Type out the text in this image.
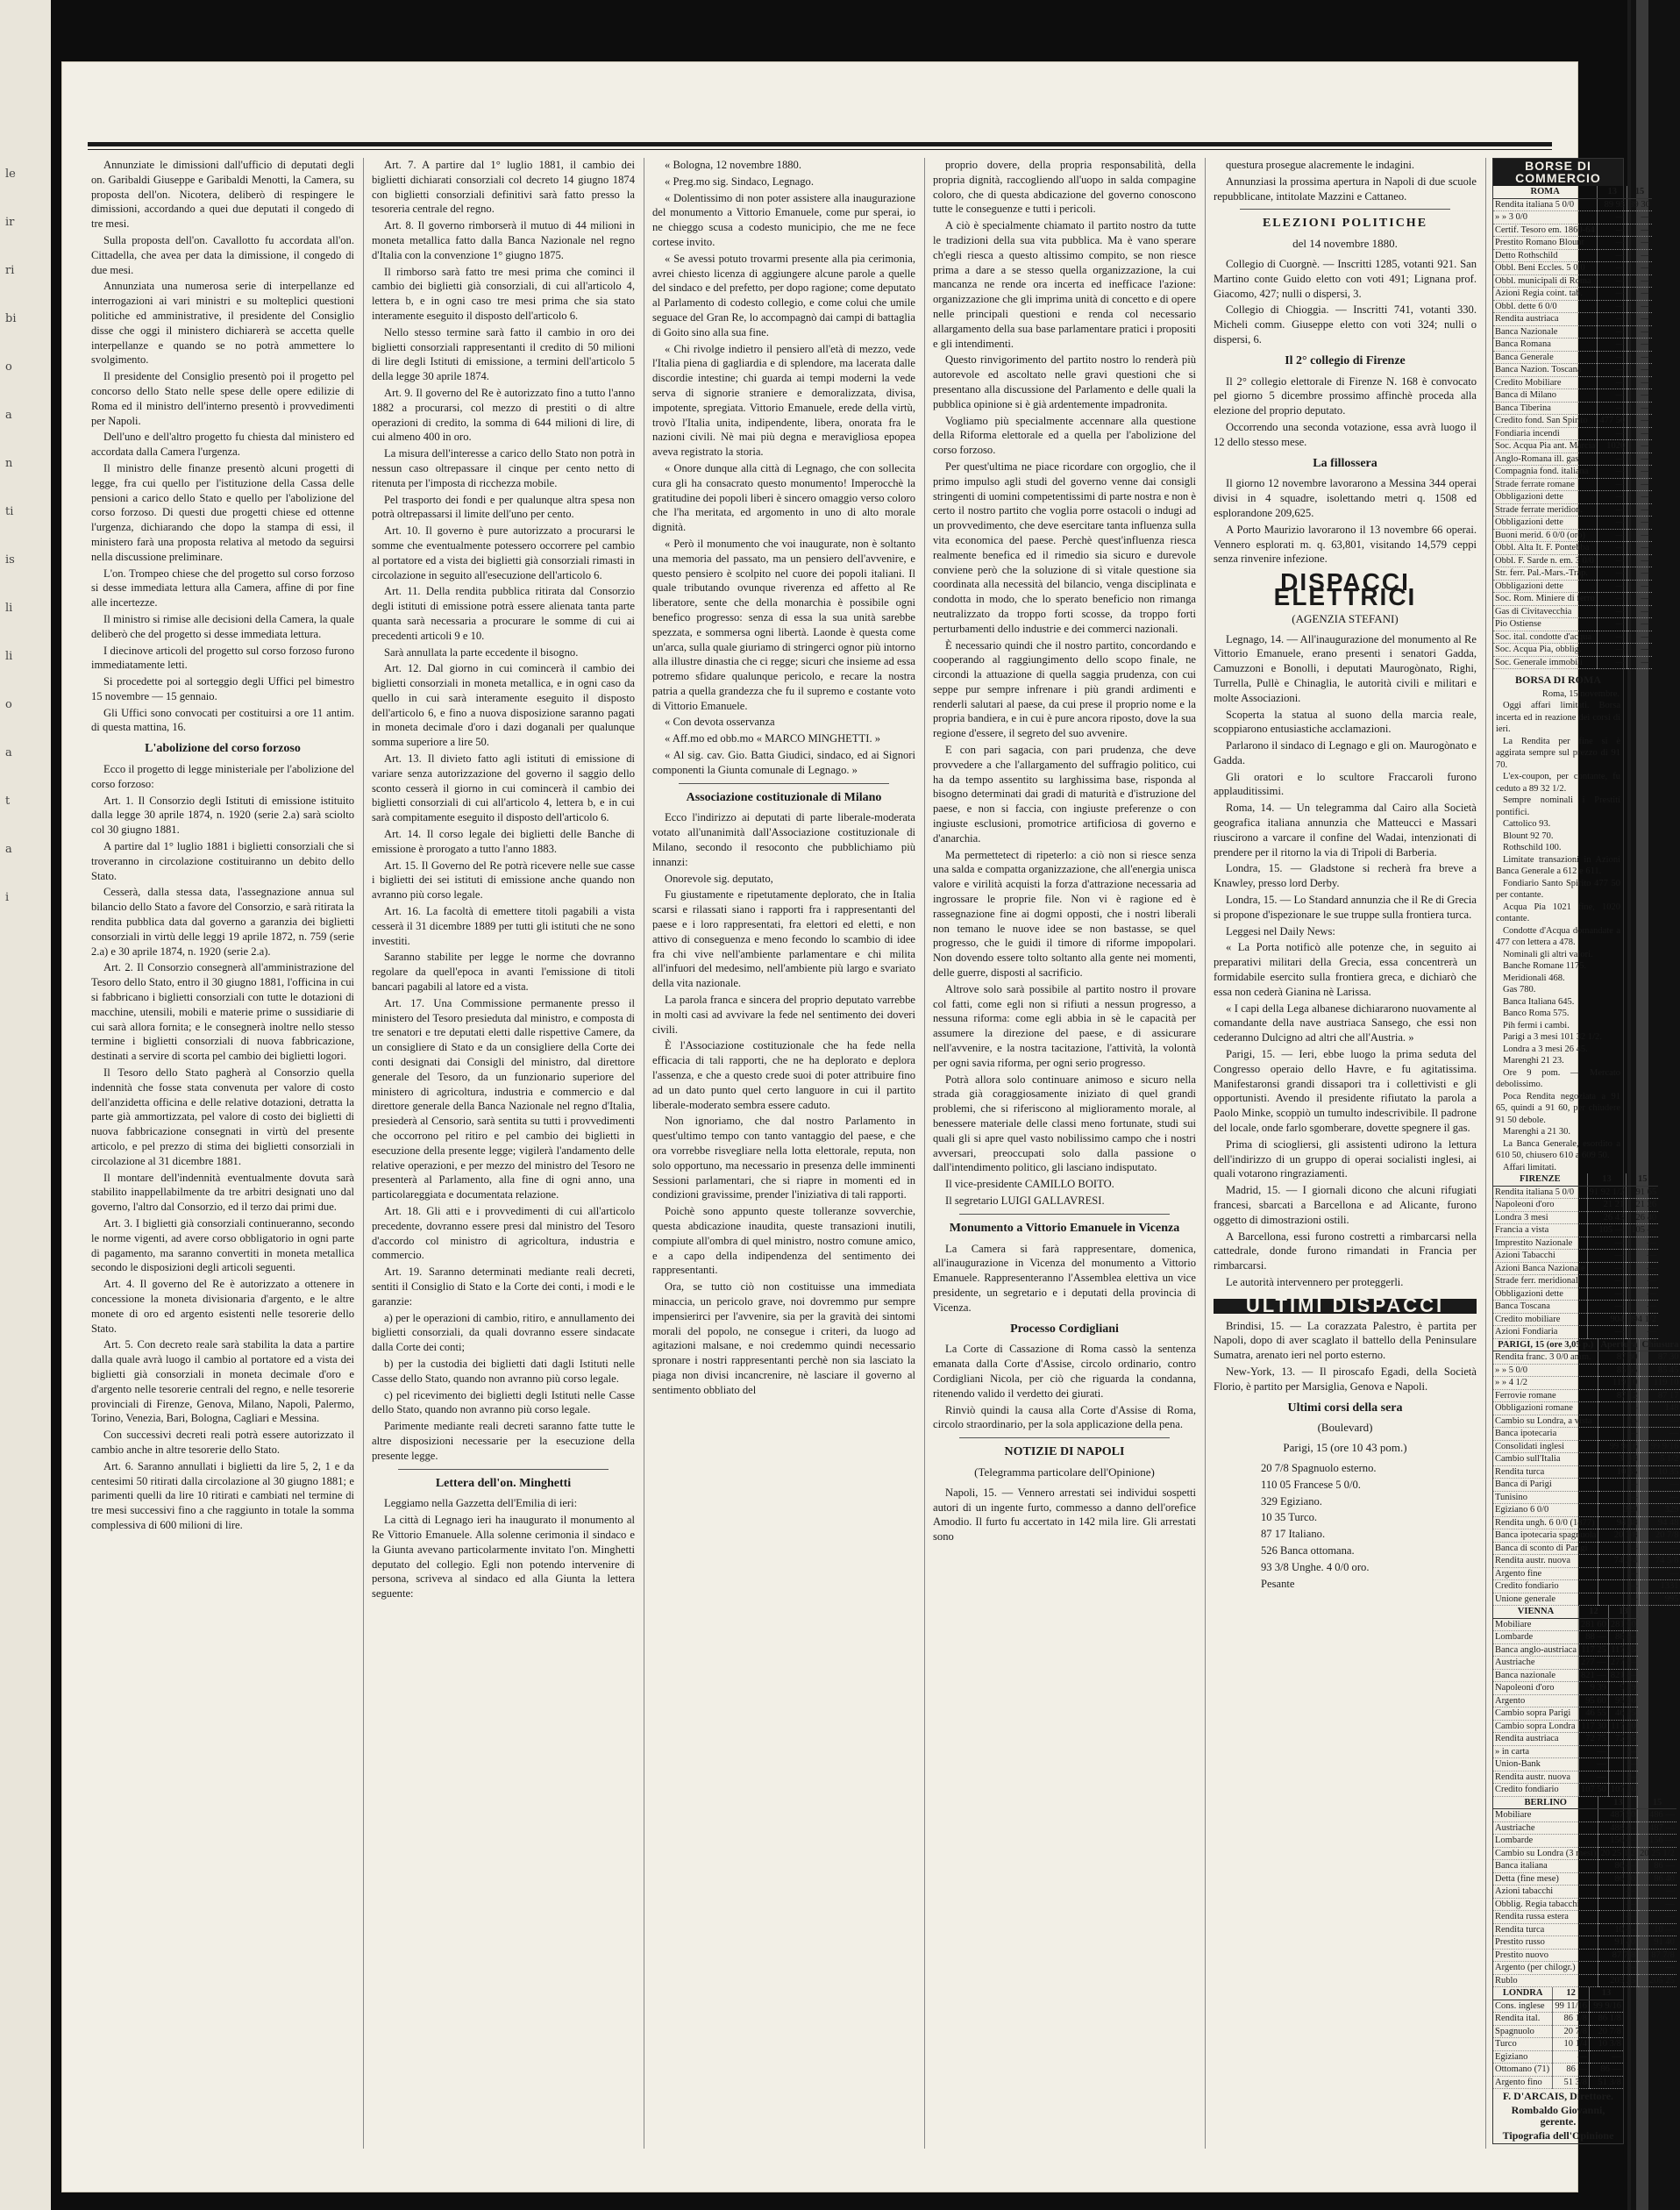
le
ir
ri
bi
o
a
n
ti
is
li
li
o
a
t
a
i

Annunziate le dimissioni dall'ufficio di deputati degli on. Garibaldi Giuseppe e Garibaldi Menotti, la Camera, su proposta dell'on. Nicotera, deliberò di respingere le dimissioni, accordando a quei due deputati il congedo di tre mesi.

Sulla proposta dell'on. Cavallotto fu accordata all'on. Cittadella, che avea per data la dimissione, il congedo di due mesi.

Annunziata una numerosa serie di interpellanze ed interrogazioni ai vari ministri e su molteplici questioni politiche ed amministrative, il presidente del Consiglio disse che oggi il ministero dichiarerà se accetta quelle interpellanze e quando se no potrà ammettere lo svolgimento.

Il presidente del Consiglio presentò poi il progetto pel concorso dello Stato nelle spese delle opere edilizie di Roma ed il ministro dell'interno presentò i provvedimenti per Napoli.

Dell'uno e dell'altro progetto fu chiesta dal ministero ed accordata dalla Camera l'urgenza.

Il ministro delle finanze presentò alcuni progetti di legge, fra cui quello per l'istituzione della Cassa delle pensioni a carico dello Stato e quello per l'abolizione del corso forzoso. Di questi due progetti chiese ed ottenne l'urgenza, dichiarando che dopo la stampa di essi, il ministero farà una proposta relativa al metodo da seguirsi nella discussione preliminare.

L'on. Trompeo chiese che del progetto sul corso forzoso si desse immediata lettura alla Camera, affine di por fine alle incertezze.

Il ministro si rimise alle decisioni della Camera, la quale deliberò che del progetto si desse immediata lettura.

I diecinove articoli del progetto sul corso forzoso furono immediatamente letti.

Si procedette poi al sorteggio degli Uffici pel bimestro 15 novembre — 15 gennaio.

Gli Uffici sono convocati per costituirsi a ore 11 antim. di questa mattina, 16.

L'abolizione del corso forzoso

Ecco il progetto di legge ministeriale per l'abolizione del corso forzoso:

Art. 1. Il Consorzio degli Istituti di emissione istituito dalla legge 30 aprile 1874, n. 1920 (serie 2.a) sarà sciolto col 30 giugno 1881.

A partire dal 1° luglio 1881 i biglietti consorziali che si troveranno in circolazione costituiranno un debito dello Stato.

Cesserà, dalla stessa data, l'assegnazione annua sul bilancio dello Stato a favore del Consorzio, e sarà ritirata la rendita pubblica data dal governo a garanzia dei biglietti consorziali in virtù delle leggi 19 aprile 1872, n. 759 (serie 2.a) e 30 aprile 1874, n. 1920 (serie 2.a).

Art. 2. Il Consorzio consegnerà all'amministrazione del Tesoro dello Stato, entro il 30 giugno 1881, l'officina in cui si fabbricano i biglietti consorziali con tutte le dotazioni di macchine, utensili, mobili e materie prime o sussidiarie di cui sarà allora fornita; e le consegnerà inoltre nello stesso termine i biglietti consorziali di nuova fabbricazione, destinati a servire di scorta pel cambio dei biglietti logori.

Il Tesoro dello Stato pagherà al Consorzio quella indennità che fosse stata convenuta per valore di costo dell'anzidetta officina e delle relative dotazioni, detratta la parte già ammortizzata, pel valore di costo dei biglietti di nuova fabbricazione consegnati in virtù del presente articolo, e pel prezzo di stima dei biglietti consorziali in circolazione al 31 dicembre 1881.

Il montare dell'indennità eventualmente dovuta sarà stabilito inappellabilmente da tre arbitri designati uno dal governo, l'altro dal Consorzio, ed il terzo dai primi due.

Art. 3. I biglietti già consorziali continueranno, secondo le norme vigenti, ad avere corso obbligatorio in ogni parte di pagamento, ma saranno convertiti in moneta metallica secondo le disposizioni degli articoli seguenti.

Art. 4. Il governo del Re è autorizzato a ottenere in concessione la moneta divisionaria d'argento, e le altre monete di oro ed argento esistenti nelle tesorerie dello Stato.

Art. 5. Con decreto reale sarà stabilita la data a partire dalla quale avrà luogo il cambio al portatore ed a vista dei biglietti già consorziali in moneta decimale d'oro e d'argento nelle tesorerie centrali del regno, e nelle tesorerie provinciali di Firenze, Genova, Milano, Napoli, Palermo, Torino, Venezia, Bari, Bologna, Cagliari e Messina.

Con successivi decreti reali potrà essere autorizzato il cambio anche in altre tesorerie dello Stato.

Art. 6. Saranno annullati i biglietti da lire 5, 2, 1 e da centesimi 50 ritirati dalla circolazione al 30 giugno 1881; e parimenti quelli da lire 10 ritirati e cambiati nel termine di tre mesi successivi fino a che raggiunto in totale la somma complessiva di 600 milioni di lire.

Art. 7. A partire dal 1° luglio 1881, il cambio dei biglietti dichiarati consorziali col decreto 14 giugno 1874 con biglietti consorziali definitivi sarà fatto presso la tesoreria centrale del regno.

Art. 8. Il governo rimborserà il mutuo di 44 milioni in moneta metallica fatto dalla Banca Nazionale nel regno d'Italia con la convenzione 1° giugno 1875.

Il rimborso sarà fatto tre mesi prima che cominci il cambio dei biglietti già consorziali, di cui all'articolo 4, lettera b, e in ogni caso tre mesi prima che sia stato interamente eseguito il disposto dell'articolo 6.

Nello stesso termine sarà fatto il cambio in oro dei biglietti consorziali rappresentanti il credito di 50 milioni di lire degli Istituti di emissione, a termini dell'articolo 5 della legge 30 aprile 1874.

Art. 9. Il governo del Re è autorizzato fino a tutto l'anno 1882 a procurarsi, col mezzo di prestiti o di altre operazioni di credito, la somma di 644 milioni di lire, di cui almeno 400 in oro.

La misura dell'interesse a carico dello Stato non potrà in nessun caso oltrepassare il cinque per cento netto di ritenuta per l'imposta di ricchezza mobile.

Pel trasporto dei fondi e per qualunque altra spesa non potrà oltrepassarsi il limite dell'uno per cento.

Art. 10. Il governo è pure autorizzato a procurarsi le somme che eventualmente potessero occorrere pel cambio al portatore ed a vista dei biglietti già consorziali rimasti in circolazione in seguito all'esecuzione dell'articolo 6.

Art. 11. Della rendita pubblica ritirata dal Consorzio degli istituti di emissione potrà essere alienata tanta parte quanta sarà necessaria a procurare le somme di cui ai precedenti articoli 9 e 10.

Sarà annullata la parte eccedente il bisogno.

Art. 12. Dal giorno in cui comincerà il cambio dei biglietti consorziali in moneta metallica, e in ogni caso da quello in cui sarà interamente eseguito il disposto dell'articolo 6, e fino a nuova disposizione saranno pagati in moneta decimale d'oro i dazi doganali per qualunque somma superiore a lire 50.

Art. 13. Il divieto fatto agli istituti di emissione di variare senza autorizzazione del governo il saggio dello sconto cesserà il giorno in cui comincerà il cambio dei biglietti consorziali di cui all'articolo 4, lettera b, e in cui sarà compitamente eseguito il disposto dell'articolo 6.

Art. 14. Il corso legale dei biglietti delle Banche di emissione è prorogato a tutto l'anno 1883.

Art. 15. Il Governo del Re potrà ricevere nelle sue casse i biglietti dei sei istituti di emissione anche quando non avranno più corso legale.

Art. 16. La facoltà di emettere titoli pagabili a vista cesserà il 31 dicembre 1889 per tutti gli istituti che ne sono investiti.

Saranno stabilite per legge le norme che dovranno regolare da quell'epoca in avanti l'emissione di titoli bancari pagabili al latore ed a vista.

Art. 17. Una Commissione permanente presso il ministero del Tesoro presieduta dal ministro, e composta di tre senatori e tre deputati eletti dalle rispettive Camere, da un consigliere di Stato e da un consigliere della Corte dei conti designati dai Consigli del ministro, dal direttore generale del Tesoro, da un funzionario superiore del ministero di agricoltura, industria e commercio e dal direttore generale della Banca Nazionale nel regno d'Italia, presiederà al Censorio, sarà sentita su tutti i provvedimenti che occorrono pel ritiro e pel cambio dei biglietti in esecuzione della presente legge; vigilerà l'andamento delle relative operazioni, e per mezzo del ministro del Tesoro ne presenterà al Parlamento, alla fine di ogni anno, una particolareggiata e documentata relazione.

Art. 18. Gli atti e i provvedimenti di cui all'articolo precedente, dovranno essere presi dal ministro del Tesoro d'accordo col ministro di agricoltura, industria e commercio.

Art. 19. Saranno determinati mediante reali decreti, sentiti il Consiglio di Stato e la Corte dei conti, i modi e le garanzie:

a) per le operazioni di cambio, ritiro, e annullamento dei biglietti consorziali, da quali dovranno essere sindacate dalla Corte dei conti;

b) per la custodia dei biglietti dati dagli Istituti nelle Casse dello Stato, quando non avranno più corso legale.

c) pel ricevimento dei biglietti degli Istituti nelle Casse dello Stato, quando non avranno più corso legale.

Parimente mediante reali decreti saranno fatte tutte le altre disposizioni necessarie per la esecuzione della presente legge.

Lettera dell'on. Minghetti

Leggiamo nella Gazzetta dell'Emilia di ieri:

La città di Legnago ieri ha inaugurato il monumento al Re Vittorio Emanuele. Alla solenne cerimonia il sindaco e la Giunta avevano particolarmente invitato l'on. Minghetti deputato del collegio. Egli non potendo intervenire di persona, scriveva al sindaco ed alla Giunta la lettera seguente:

« Bologna, 12 novembre 1880.

« Preg.mo sig. Sindaco, Legnago.

« Dolentissimo di non poter assistere alla inaugurazione del monumento a Vittorio Emanuele, come pur sperai, io ne chieggo scusa a codesto municipio, che me ne fece cortese invito.

« Se avessi potuto trovarmi presente alla pia cerimonia, avrei chiesto licenza di aggiungere alcune parole a quelle del sindaco e del prefetto, per dopo ragione; come deputato al Parlamento di codesto collegio, e come colui che umile seguace del Gran Re, lo accompagnò dai campi di battaglia di Goito sino alla sua fine.

« Chi rivolge indietro il pensiero all'età di mezzo, vede l'Italia piena di gagliardia e di splendore, ma lacerata dalle discordie intestine; chi guarda ai tempi moderni la vede serva di signorie straniere e demoralizzata, divisa, impotente, spregiata. Vittorio Emanuele, erede della virtù, trovò l'Italia unita, indipendente, libera, onorata fra le nazioni civili. Nè mai più degna e meravigliosa epopea aveva registrato la storia.

« Onore dunque alla città di Legnago, che con sollecita cura gli ha consacrato questo monumento! Imperocchè la gratitudine dei popoli liberi è sincero omaggio verso coloro che l'ha meritata, ed argomento in uno di alto morale dignità.

« Però il monumento che voi inaugurate, non è soltanto una memoria del passato, ma un pensiero dell'avvenire, e questo pensiero è scolpito nel cuore dei popoli italiani. Il quale tributando ovunque riverenza ed affetto al Re liberatore, sente che della monarchia è possibile ogni benefico progresso: senza di essa la sua unità sarebbe spezzata, e sommersa ogni libertà. Laonde è questa come un'arca, sulla quale giuriamo di stringerci ognor più intorno alla illustre dinastia che ci regge; sicuri che insieme ad essa potremo sfidare qualunque pericolo, e recare la nostra patria a quella grandezza che fu il supremo e costante voto di Vittorio Emanuele.

« Con devota osservanza

« Aff.mo ed obb.mo « MARCO MINGHETTI. »

« Al sig. cav. Gio. Batta Giudici, sindaco, ed ai Signori componenti la Giunta comunale di Legnago. »

Associazione costituzionale di Milano

Ecco l'indirizzo ai deputati di parte liberale-moderata votato all'unanimità dall'Associazione costituzionale di Milano, secondo il resoconto che pubblichiamo più innanzi:

Onorevole sig. deputato,

Fu giustamente e ripetutamente deplorato, che in Italia scarsi e rilassati siano i rapporti fra i rappresentanti del paese e i loro rappresentati, fra elettori ed eletti, e non attivo di conseguenza e meno fecondo lo scambio di idee fra chi vive nell'ambiente parlamentare e chi milita all'infuori del medesimo, nell'ambiente più largo e svariato della vita nazionale.

La parola franca e sincera del proprio deputato varrebbe in molti casi ad avvivare la fede nel sentimento dei doveri civili.

È l'Associazione costituzionale che ha fede nella efficacia di tali rapporti, che ne ha deplorato e deplora l'assenza, e che a questo crede suoi di poter attribuire fino ad un dato punto quel certo languore in cui il partito liberale-moderato sembra essere caduto.

Non ignoriamo, che dal nostro Parlamento in quest'ultimo tempo con tanto vantaggio del paese, e che ora vorrebbe risvegliare nella lotta elettorale, reputa, non solo opportuno, ma necessario in presenza delle imminenti Sessioni parlamentari, che si riapre in momenti ed in condizioni gravissime, prender l'iniziativa di tali rapporti.

Poichè sono appunto queste tolleranze sovverchie, questa abdicazione inaudita, queste transazioni inutili, compiute all'ombra di quel ministro, nostro comune amico, e a capo della indipendenza del sentimento dei rappresentanti.

Ora, se tutto ciò non costituisse una immediata minaccia, un pericolo grave, noi dovremmo pur sempre impensierirci per l'avvenire, sia per la gravità dei sintomi morali del popolo, ne consegue i criteri, da luogo ad agitazioni malsane, e noi credemmo quindi necessario spronare i nostri rappresentanti perchè non sia lasciato la piaga non divisi incancrenire, nè lasciare il governo al sentimento obbliato del

proprio dovere, della propria responsabilità, della propria dignità, raccogliendo all'uopo in salda compagine coloro, che di questa abdicazione del governo conoscono tutte le conseguenze e tutti i pericoli.

A ciò è specialmente chiamato il partito nostro da tutte le tradizioni della sua vita pubblica. Ma è vano sperare ch'egli riesca a questo altissimo compito, se non riesce prima a dare a se stesso quella organizzazione, la cui mancanza ne rende ora incerta ed inefficace l'azione: organizzazione che gli imprima unità di concetto e di opere nelle principali questioni e renda col necessario allargamento della sua base parlamentare pratici i propositi e gli intendimenti.

Questo rinvigorimento del partito nostro lo renderà più autorevole ed ascoltato nelle gravi questioni che si presentano alla discussione del Parlamento e delle quali la pubblica opinione si è già ardentemente impadronita.

Vogliamo più specialmente accennare alla questione della Riforma elettorale ed a quella per l'abolizione del corso forzoso.

Per quest'ultima ne piace ricordare con orgoglio, che il primo impulso agli studi del governo venne dai consigli stringenti di uomini competentissimi di parte nostra e non è certo il nostro partito che voglia porre ostacoli o indugi ad un provvedimento, che deve esercitare tanta influenza sulla vita economica del paese. Perchè quest'influenza riesca realmente benefica ed il rimedio sia sicuro e durevole conviene però che la soluzione di sì vitale questione sia coordinata alla necessità del bilancio, venga disciplinata e condotta in modo, che lo sperato beneficio non rimanga neutralizzato da troppo forti scosse, da troppo forti perturbamenti dello industrie e dei commerci nazionali.

È necessario quindi che il nostro partito, concordando e cooperando al raggiungimento dello scopo finale, ne circondi la attuazione di quella saggia prudenza, con cui seppe pur sempre infrenare i più grandi ardimenti e renderli salutari al paese, da cui prese il proprio nome e la propria bandiera, e in cui è pure ancora riposto, dove la sua regione d'essere, il segreto del suo avvenire.

E con pari sagacia, con pari prudenza, che deve provvedere a che l'allargamento del suffragio politico, cui ha da tempo assentito su larghissima base, risponda al bisogno determinati dai gradi di maturità e d'istruzione del paese, e non si faccia, con ingiuste preferenze o con ingiuste esclusioni, promotrice artificiosa di governo e d'anarchia.

Ma permettetect di ripeterlo: a ciò non si riesce senza una salda e compatta organizzazione, che all'energia unisca valore e virilità acquisti la forza d'attrazione necessaria ad ingrossare le proprie file. Non vi è ragione ed è rassegnazione fine ai dogmi opposti, che i nostri liberali non temano le nuove idee se non bastasse, se quel progresso, che le guidi il timore di riforme impopolari. Non dovendo essere tolto soltanto alla gente nei momenti, delle guerre, disposti al sacrificio.

Altrove solo sarà possibile al partito nostro il provare col fatti, come egli non si rifiuti a nessun progresso, a nessuna riforma: come egli abbia in sè le capacità per assumere la direzione del paese, e di assicurare nell'avvenire, e la nostra tacitazione, l'attività, la volontà per ogni savia riforma, per ogni serio progresso.

Potrà allora solo continuare animoso e sicuro nella strada già coraggiosamente iniziato di quel grandi problemi, che si riferiscono al miglioramento morale, al benessere materiale delle classi meno fortunate, studi sui quali gli si apre quel vasto nobilissimo campo che i nostri avversari, preoccupati solo dalla passione o dall'intendimento politico, gli lasciano indisputato.

Il vice-presidente CAMILLO BOITO.

Il segretario LUIGI GALLAVRESI.

Monumento a Vittorio Emanuele in Vicenza

La Camera si farà rappresentare, domenica, all'inaugurazione in Vicenza del monumento a Vittorio Emanuele. Rappresenteranno l'Assemblea elettiva un vice presidente, un segretario e i deputati della provincia di Vicenza.

Processo Cordigliani

La Corte di Cassazione di Roma cassò la sentenza emanata dalla Corte d'Assise, circolo ordinario, contro Cordigliani Nicola, per ciò che riguarda la condanna, ritenendo valido il verdetto dei giurati.

Rinviò quindi la causa alla Corte d'Assise di Roma, circolo straordinario, per la sola applicazione della pena.

NOTIZIE DI NAPOLI
(Telegramma particolare dell'Opinione)

Napoli, 15. — Vennero arrestati sei individui sospetti autori di un ingente furto, commesso a danno dell'orefice Amodio. Il furto fu accertato in 142 mila lire. Gli arrestati sono

questura prosegue alacremente le indagini.

Annunziasi la prossima apertura in Napoli di due scuole repubblicane, intitolate Mazzini e Cattaneo.

ELEZIONI POLITICHE
del 14 novembre 1880.

Collegio di Cuorgnè. — Inscritti 1285, votanti 921. San Martino conte Guido eletto con voti 491; Lignana prof. Giacomo, 427; nulli o dispersi, 3.

Collegio di Chioggia. — Inscritti 741, votanti 330. Micheli comm. Giuseppe eletto con voti 324; nulli o dispersi, 6.

Il 2° collegio di Firenze

Il 2° collegio elettorale di Firenze N. 168 è convocato pel giorno 5 dicembre prossimo affinchè proceda alla elezione del proprio deputato.

Occorrendo una seconda votazione, essa avrà luogo il 12 dello stesso mese.

La fillossera

Il giorno 12 novembre lavorarono a Messina 344 operai divisi in 4 squadre, isolettando metri q. 1508 ed esplorandone 209,625.

A Porto Maurizio lavorarono il 13 novembre 66 operai. Vennero esplorati m. q. 63,801, visitando 14,579 ceppi senza rinvenire infezione.

DISPACCI ELETTRICI
(AGENZIA STEFANI)

Legnago, 14. — All'inaugurazione del monumento al Re Vittorio Emanuele, erano presenti i senatori Gadda, Camuzzoni e Bonolli, i deputati Maurogònato, Righi, Turrella, Pullè e Chinaglia, le autorità civili e militari e molte Associazioni.

Scoperta la statua al suono della marcia reale, scoppiarono entusiastiche acclamazioni.

Parlarono il sindaco di Legnago e gli on. Maurogònato e Gadda.

Gli oratori e lo scultore Fraccaroli furono applauditissimi.

Roma, 14. — Un telegramma dal Cairo alla Società geografica italiana annunzia che Matteucci e Massari riuscirono a varcare il confine del Wadai, intenzionati di prendere per il ritorno la via di Tripoli di Barberia.

Londra, 15. — Gladstone si recherà fra breve a Knawley, presso lord Derby.

Londra, 15. — Lo Standard annunzia che il Re di Grecia si propone d'ispezionare le sue truppe sulla frontiera turca.

Leggesi nel Daily News:

« La Porta notificò alle potenze che, in seguito ai preparativi militari della Grecia, essa concentrerà un formidabile esercito sulla frontiera greca, e dichiarò che essa non cederà Gianina nè Larissa.

« I capi della Lega albanese dichiararono nuovamente al comandante della nave austriaca Sansego, che essi non cederanno Dulcigno ad altri che all'Austria. »

Parigi, 15. — Ieri, ebbe luogo la prima seduta del Congresso operaio dello Havre, e fu agitatissima. Manifestaronsi grandi dissapori tra i collettivisti e gli opportunisti. Avendo il presidente rifiutato la parola a Paolo Minke, scoppiò un tumulto indescrivibile. Il padrone del locale, onde farlo sgomberare, dovette spegnere il gas.

Prima di sciogliersi, gli assistenti udirono la lettura dell'indirizzo di un gruppo di operai socialisti inglesi, ai quali votarono ringraziamenti.

Madrid, 15. — I giornali dicono che alcuni rifugiati francesi, sbarcati a Barcellona e ad Alicante, furono oggetto di dimostrazioni ostili.

A Barcellona, essi furono costretti a rimbarcarsi nella cattedrale, donde furono rimandati in Francia per rimbarcarsi.

Le autorità intervennero per proteggerli.

ULTIMI DISPACCI

Brindisi, 15. — La corazzata Palestro, è partita per Napoli, dopo di aver scaglato il battello della Peninsulare Sumatra, arenato ieri nel porto esterno.

New-York, 13. — Il piroscafo Egadi, della Società Florio, è partito per Marsiglia, Genova e Napoli.

Ultimi corsi della sera
(Boulevard)
Parigi, 15 (ore 10 43 pom.)

20 7/8 Spagnuolo esterno.

110 05 Francese 5 0/0.

329 Egiziano.

10 35 Turco.

87 17 Italiano.

526 Banca ottomana.

93 3/8 Unghe. 4 0/0 oro.

Pesante

BORSE DI COMMERCIO
ROMA	13	15
Rendita italiana 5 0/0	89 95	89 30
» » 3 0/0	—	—
Certif. Tesoro em. 1860-64	—	—
Prestito Romano Blount	—	—
Detto Rothschild	—	—
Obbl. Beni Eccles. 5 0/0	—	—
Obbl. municipali di Roma	—	—
Azioni Regia coint. tab.	—	—
Obbl. dette 6 0/0	—	—
Rendita austriaca	—	—
Banca Nazionale	—	—
Banca Romana	—	—
Banca Generale	—	—
Banca Nazion. Toscana	—	—
Credito Mobiliare	—	—
Banca di Milano	—	—
Banca Tiberina	—	—
Credito fond. San Spirito	477 50	—
Fondiaria incendi	—	—
Soc. Acqua Pia ant. Marcia	1020	—
Anglo-Romana ill. gas	—	—
Compagnia fond. italiana	—	—
Strade ferrate romane	—	—
Obbligazioni dette	—	—
Strade ferrate meridion.	—	—
Obbligazioni dette	—	—
Buoni merid. 6 0/0 (oro)	—	—
Obbl. Alta It. F. Pontebba	—	—
Obbl. F. Sarde n. em. 3 0/0	—	—
Str. ferr. Pal.-Mars.-Trap.	—	—
Obbligazioni dette	—	—
Soc. Rom. Miniere di ferro	—	—
Gas di Civitavecchia	—	—
Pio Ostiense	—	—
Soc. ital. condotte d'acqua	—	—
Soc. Acqua Pia, obblig.	—	—
Soc. Generale immobili	—	—
BORSA DI ROMA
Roma, 15 novembre.

Oggi affari limitati. Borsa incerta ed in reazione dei corsi di ieri.

La Rendita per fine si è aggirata sempre sul prezzo di 91 70.

L'ex-coupon, per contante, fu ceduto a 89 32 1/2.

Sempre nominali i Prestiti pontifici.

Cattolico 93.

Blount 92 70.

Rothschild 100.

Limitate transazioni in Azioni Banca Generale a 612 e 611.

Fondiario Santo Spirito 477 50 per contante.

Acqua Pia 1021 fine, 1020 contante.

Condotte d'Acqua domandate a 477 con lettera a 478.

Nominali gli altri valori.

Banche Romane 1175.

Meridionali 468.

Gas 780.

Banca Italiana 645.

Banco Roma 575.

Pih fermi i cambi.

Parigi a 3 mesi 101 32 1/2.

Londra a 3 mesi 26 45.

Marenghi 21 23.

Ore 9 pom. — Mercato debolissimo.

Poca Rendita negoziata a 91 65, quindi a 91 60, per chiudere 91 50 debole.

Marenghi a 21 30.

La Banca Generale, esordito a 610 50, chiusero 610 a 609 50.

Affari limitati.

FIRENZE	13	15
Rendita italiana 5 0/0	91 92 1/2	91 65
Napoleoni d'oro	21 21	21 26
Londra 3 mesi	26 43	26 40
Francia a vista	105 —	105 —
Imprestito Nazionale	—	—
Azioni Tabacchi	—	—
Azioni Banca Nazionale	—	—
Strade ferr. meridionali	—	—
Obbligazioni dette	—	—
Banca Toscana	—	—
Credito mobiliare	904	894 1/2
Azioni Fondiaria	—	—
PARIGI, 15 (ore 3,05 p.)	Apertura	Chiusura
Rendita franc. 3 0/0 amm.	87 30	87 30
» » 5 0/0	85 65	85 45
» » 4 1/2	119 10	119 10
Ferrovie romane	87 12	87 17
Obbligazioni romane	—	148
Cambio su Londra, a vista	—	—
Banca ipotecaria	—	—
Consolidati inglesi	99 9/16	99 9/16
Cambio sull'Italia	3 1/8	5 1/2
Rendita turca	10 35	10 35
Banca di Parigi	—	—
Tunisino	—	—
Egiziano 6 0/0	329	329
Rendita ungh. 6 0/0 (1877)	94 48	94 48
Banca ipotecaria spagnuola	20 7/8	20 7/8
Banca di sconto di Parigi	—	—
Rendita austr. nuova	74 3/4	74 5/8
Argento fine	—	—
Credito fondiario	—	1331
Unione generale	—	995
VIENNA	12	13
Mobiliare	281 60	281 60
Lombarde	88 —	88 —
Banca anglo-austriaca	117 25	117 25
Austriache	277 —	277 —
Banca nazionale	821 —	821 —
Napoleoni d'oro	9 39	9 39
Argento	95 60	95 60
Cambio sopra Parigi	46 55	46 55
Cambio sopra Londra	117 30	117 30
Rendita austriaca	72 75	72 75
» in carta	—	—
Union-Bank	—	—
Rendita austr. nuova	—	—
Credito fondiario	107 50	107 50
BERLINO	13	15
Mobiliare	487 50	486 —
Austriache	488 —	487 —
Lombarde	156 —	156 —
Cambio su Londra (3 mesi)	20 25 1/2	20 25 1/2
Banca italiana	86 —	86 —
Detta (fine mese)	86 10	86 40
Azioni tabacchi	—	—
Obblig. Regia tabacchi	—	—
Rendita russa estera	—	—
Rendita turca	10 —	10 —
Prestito russo	91 40	91 40
Prestito nuovo	87 7/8	87 7/8
Argento (per chilogr.)	—	—
Rublo	205 25	205 25
LONDRA	12	13
Cons. inglese	99 11/16	99 9/16
Rendita ital.	86 1/8	86 1/8
Spagnuolo	20 7/8	20 7/8
Turco	10 1/4	10 3/8
Egiziano	—	—
Ottomano (71)	86 —	86 —
Argento fino	51 3/8	51 3/8
F. D'ARCAIS, Direttore.
Rombaldo Giovanni, gerente.
Tipografia dell'Opinione
